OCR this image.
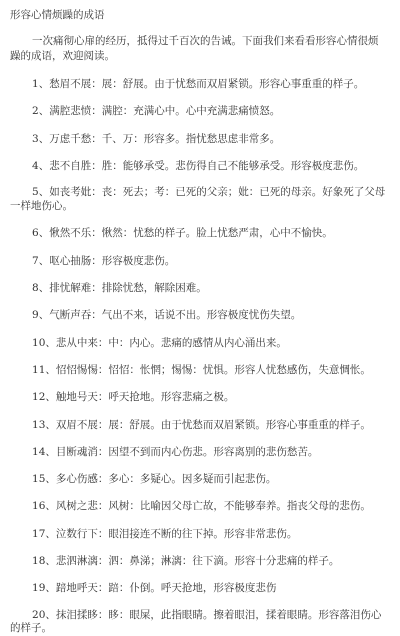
形容心情烦躁的成语

一次痛彻心扉的经历，抵得过千百次的告诫。下面我们来看看形容心情很烦躁的成语，欢迎阅读。

1、愁眉不展：展：舒展。由于忧愁而双眉紧锁。形容心事重重的样子。
2、满腔悲愤：满腔：充满心中。心中充满悲痛愤怒。
3、万虑千愁：千、万：形容多。指忧愁思虑非常多。
4、悲不自胜：胜：能够承受。悲伤得自己不能够承受。形容极度悲伤。
5、如丧考妣：丧：死去；考：已死的父亲；妣：已死的母亲。好象死了父母一样地伤心。
6、愀然不乐：愀然：忧愁的样子。脸上忧愁严肃，心中不愉快。
7、呕心抽肠：形容极度悲伤。
8、排忧解难：排除忧愁，解除困难。
9、气断声吞：气出不来，话说不出。形容极度忧伤失望。
10、悲从中来：中：内心。悲痛的感情从内心涌出来。
11、怊怊惕惕：怊怊：怅惘；惕惕：忧惧。形容人忧愁感伤，失意惆怅。
12、触地号天：呼天抢地。形容悲痛之极。
13、双眉不展：展：舒展。由于忧愁而双眉紧锁。形容心事重重的样子。
14、目断魂消：因望不到而内心伤悲。形容离别的悲伤愁苦。
15、多心伤感：多心：多疑心。因多疑而引起悲伤。
16、风树之悲：风树：比喻因父母亡故，不能够奉养。指丧父母的悲伤。
17、泣数行下：眼泪接连不断的往下掉。形容非常悲伤。
18、悲泗淋漓：泗：鼻涕；淋漓：往下滴。形容十分悲痛的样子。
19、踣地呼天：踣：仆倒。呼天抢地，形容极度悲伤
20、抹泪揉眵：眵：眼屎，此指眼睛。擦着眼泪，揉着眼睛。形容落泪伤心的样子。
